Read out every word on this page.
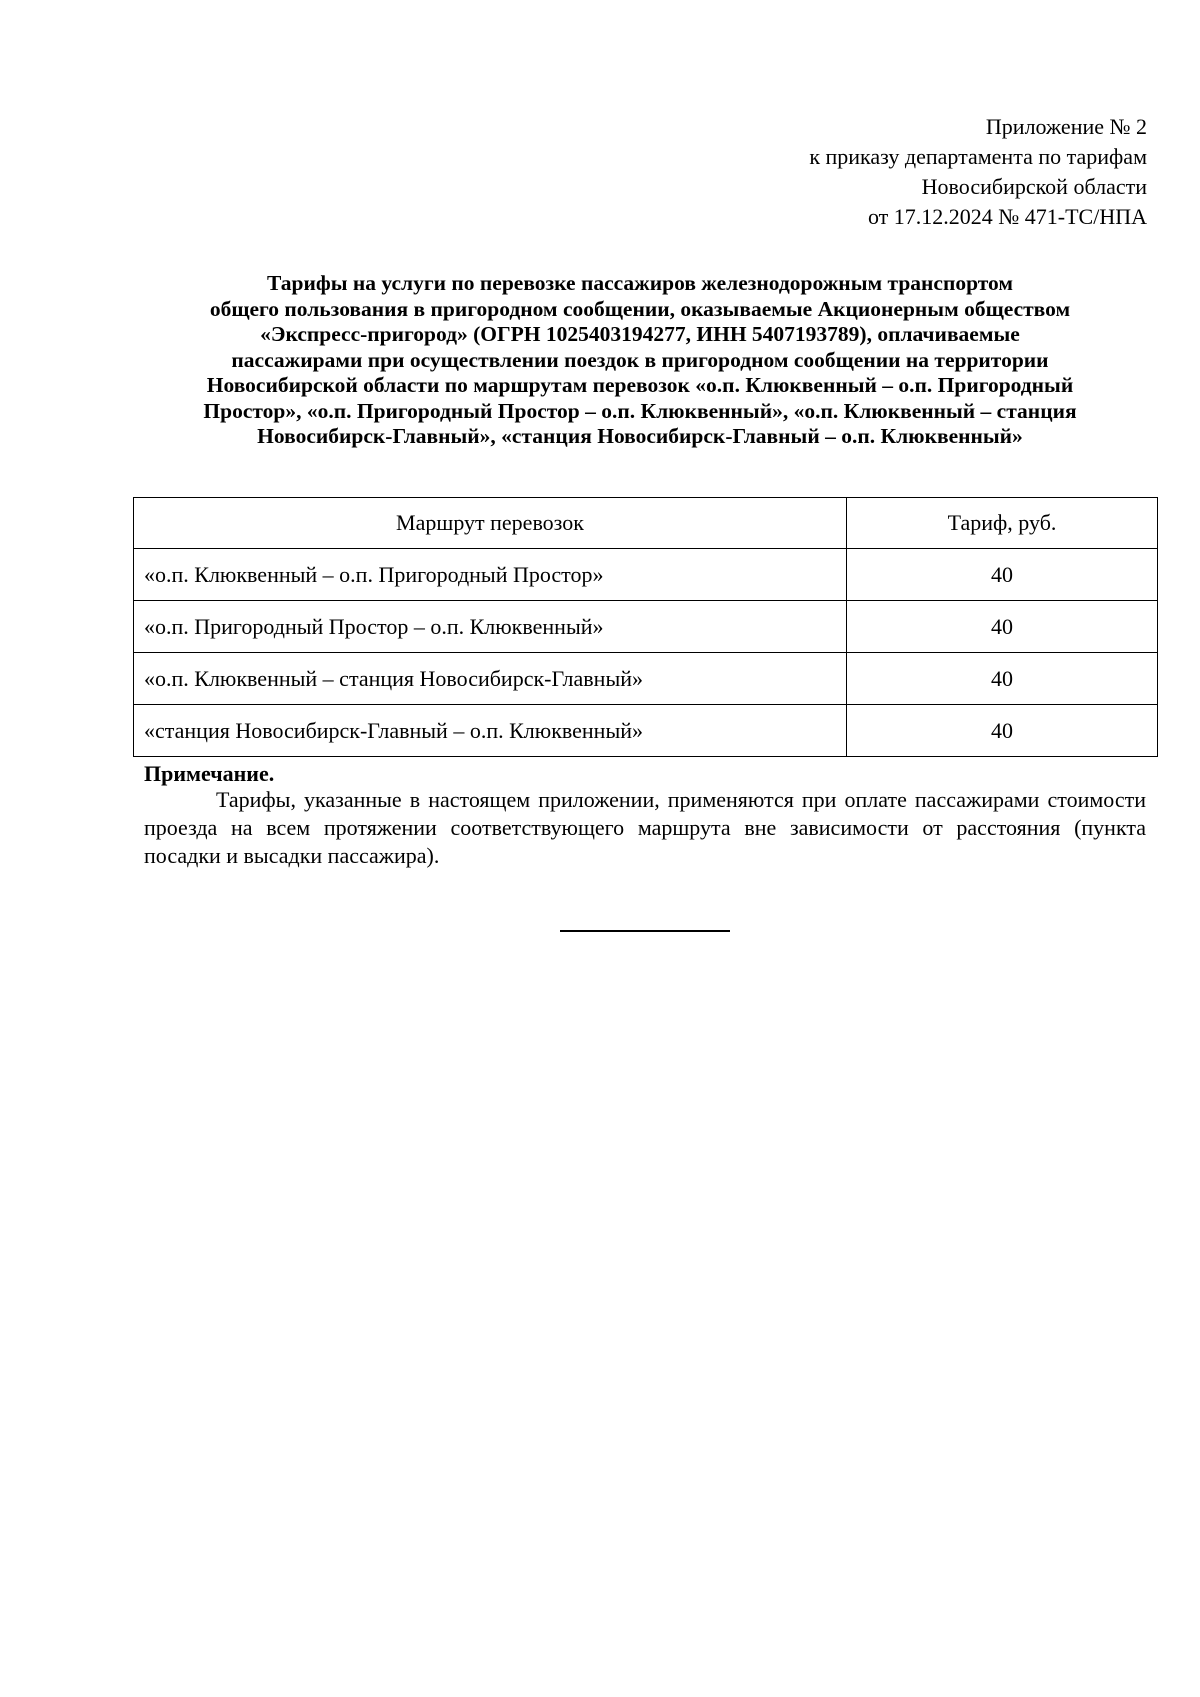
Приложение № 2
к приказу департамента по тарифам
Новосибирской области
от 17.12.2024 № 471-ТС/НПА
Тарифы на услуги по перевозке пассажиров железнодорожным транспортом
общего пользования в пригородном сообщении, оказываемые Акционерным обществом
«Экспресс-пригород» (ОГРН 1025403194277, ИНН 5407193789), оплачиваемые
пассажирами при осуществлении поездок в пригородном сообщении на территории
Новосибирской области по маршрутам перевозок «о.п. Клюквенный – о.п. Пригородный
Простор», «о.п. Пригородный Простор – о.п. Клюквенный», «о.п. Клюквенный – станция
Новосибирск-Главный», «станция Новосибирск-Главный – о.п. Клюквенный»
Маршрут перевозок	Тариф, руб.
«о.п. Клюквенный – о.п. Пригородный Простор»	40
«о.п. Пригородный Простор – о.п. Клюквенный»	40
«о.п. Клюквенный – станция Новосибирск-Главный»	40
«станция Новосибирск-Главный – о.п. Клюквенный»	40
Примечание.
Тарифы, указанные в настоящем приложении, применяются при оплате пассажирами стоимости проезда на всем протяжении соответствующего маршрута вне зависимости от расстояния (пункта посадки и высадки пассажира).
